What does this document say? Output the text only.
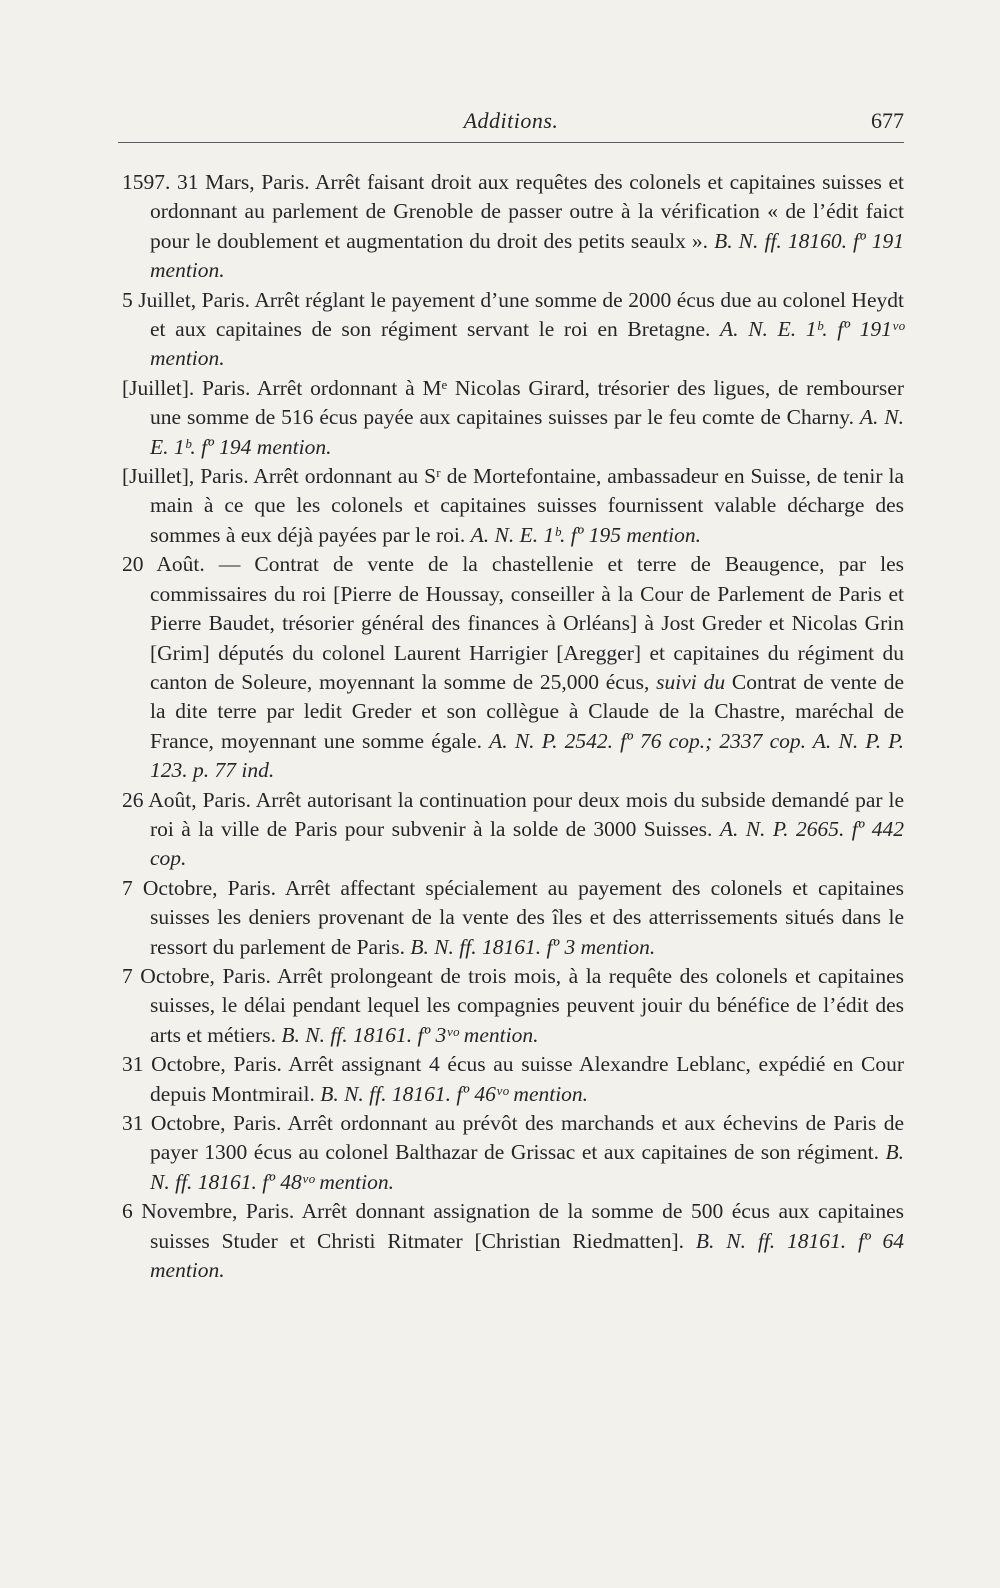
Additions.	677

1597. 31 Mars, Paris. Arrêt faisant droit aux requêtes des colonels et capitaines suisses et ordonnant au parlement de Grenoble de passer outre à la vérification « de l’édit faict pour le doublement et augmentation du droit des petits seaulx ». B. N. ff. 18160. fº 191 mention.

5 Juillet, Paris. Arrêt réglant le payement d’une somme de 2000 écus due au colonel Heydt et aux capitaines de son régiment servant le roi en Bretagne. A. N. E. 1ᵇ. fº 191ᵛᵒ mention.

[Juillet]. Paris. Arrêt ordonnant à Mᵉ Nicolas Girard, trésorier des ligues, de rembourser une somme de 516 écus payée aux capitaines suisses par le feu comte de Charny. A. N. E. 1ᵇ. fº 194 mention.

[Juillet], Paris. Arrêt ordonnant au Sʳ de Mortefontaine, ambassadeur en Suisse, de tenir la main à ce que les colonels et capitaines suisses fournissent valable décharge des sommes à eux déjà payées par le roi. A. N. E. 1ᵇ. fº 195 mention.

20 Août. — Contrat de vente de la chastellenie et terre de Beaugence, par les commissaires du roi [Pierre de Houssay, conseiller à la Cour de Parlement de Paris et Pierre Baudet, trésorier général des finances à Orléans] à Jost Greder et Nicolas Grin [Grim] députés du colonel Laurent Harrigier [Aregger] et capitaines du régiment du canton de Soleure, moyennant la somme de 25,000 écus, suivi du Contrat de vente de la dite terre par ledit Greder et son collègue à Claude de la Chastre, maréchal de France, moyennant une somme égale. A. N. P. 2542. fº 76 cop.; 2337 cop. A. N. P. P. 123. p. 77 ind.

26 Août, Paris. Arrêt autorisant la continuation pour deux mois du subside demandé par le roi à la ville de Paris pour subvenir à la solde de 3000 Suisses. A. N. P. 2665. fº 442 cop.

7 Octobre, Paris. Arrêt affectant spécialement au payement des colonels et capitaines suisses les deniers provenant de la vente des îles et des atterrissements situés dans le ressort du parlement de Paris. B. N. ff. 18161. fº 3 mention.

7 Octobre, Paris. Arrêt prolongeant de trois mois, à la requête des colonels et capitaines suisses, le délai pendant lequel les compagnies peuvent jouir du bénéfice de l’édit des arts et métiers. B. N. ff. 18161. fº 3ᵛᵒ mention.

31 Octobre, Paris. Arrêt assignant 4 écus au suisse Alexandre Leblanc, expédié en Cour depuis Montmirail. B. N. ff. 18161. fº 46ᵛᵒ mention.

31 Octobre, Paris. Arrêt ordonnant au prévôt des marchands et aux échevins de Paris de payer 1300 écus au colonel Balthazar de Grissac et aux capitaines de son régiment. B. N. ff. 18161. fº 48ᵛᵒ mention.

6 Novembre, Paris. Arrêt donnant assignation de la somme de 500 écus aux capitaines suisses Studer et Christi Ritmater [Christian Riedmatten]. B. N. ff. 18161. fº 64 mention.
